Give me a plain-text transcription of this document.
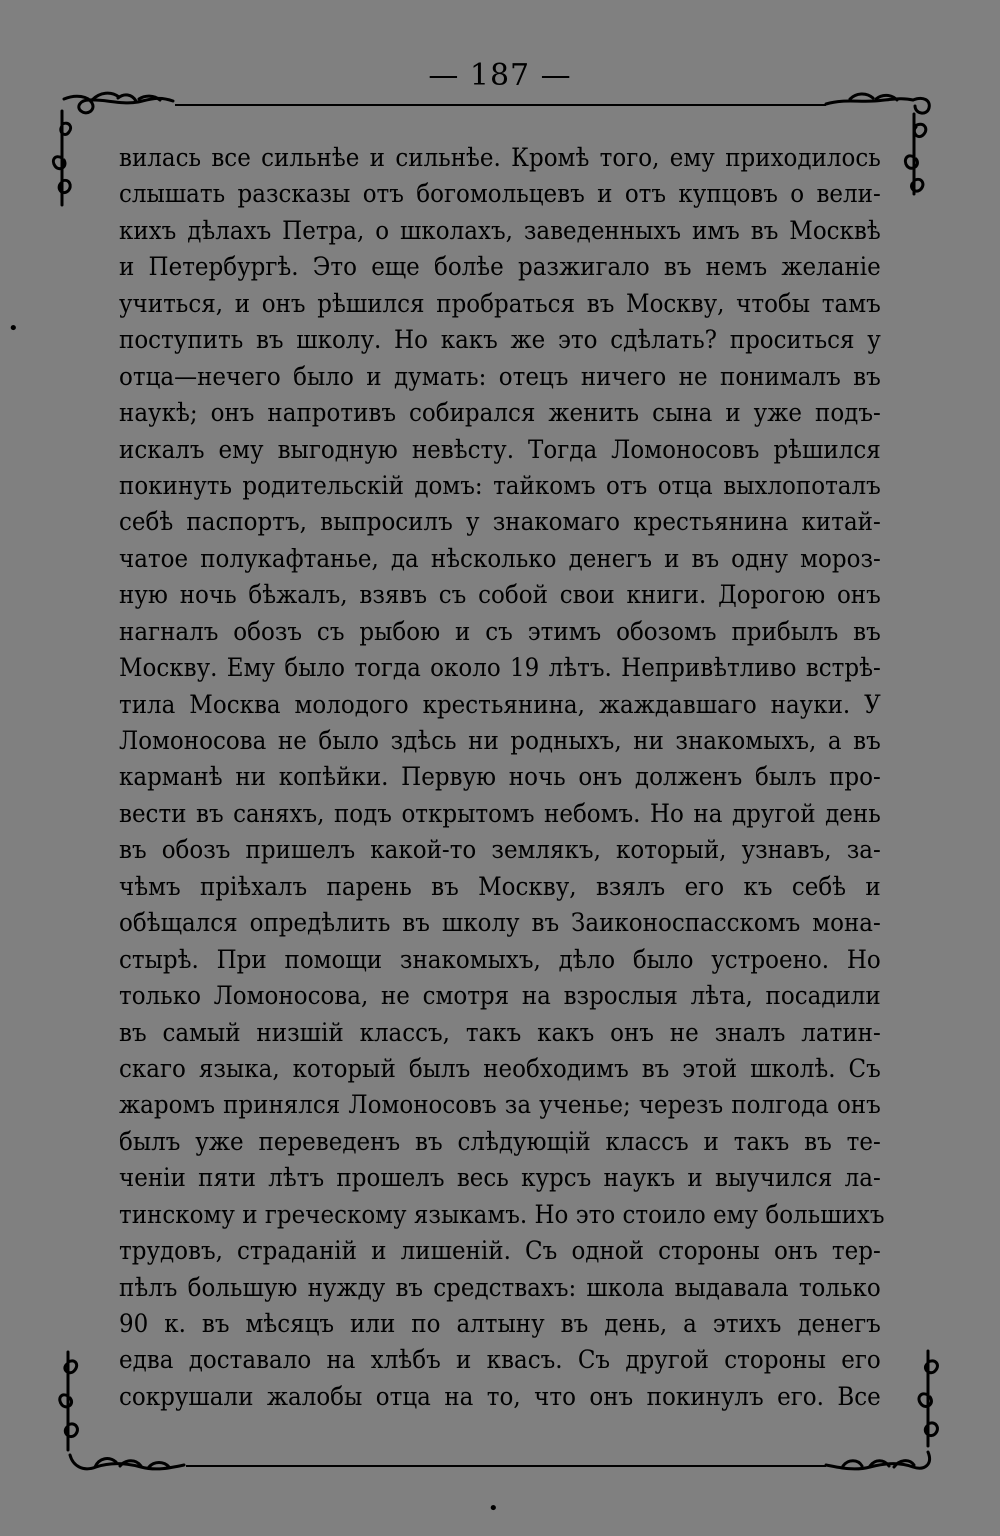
— 187 —
•
•
вилась все сильнѣе и сильнѣе. Кромѣ того, ему приходилось
слышать разсказы отъ богомольцевъ и отъ купцовъ о вели-
кихъ дѣлахъ Петра, о школахъ, заведенныхъ имъ въ Москвѣ
и Петербургѣ. Это еще болѣе разжигало въ немъ желаніе
учиться, и онъ рѣшился пробраться въ Москву, чтобы тамъ
поступить въ школу. Но какъ же это сдѣлать? проситься у
отца—нечего было и думать: отецъ ничего не понималъ въ
наукѣ; онъ напротивъ собирался женить сына и уже подъ-
искалъ ему выгодную невѣсту. Тогда Ломоносовъ рѣшился
покинуть родительскій домъ: тайкомъ отъ отца выхлопоталъ
себѣ паспортъ, выпросилъ у знакомаго крестьянина китай-
чатое полукафтанье, да нѣсколько денегъ и въ одну мороз-
ную ночь бѣжалъ, взявъ съ собой свои книги. Дорогою онъ
нагналъ обозъ съ рыбою и съ этимъ обозомъ прибылъ въ
Москву. Ему было тогда около 19 лѣтъ. Непривѣтливо встрѣ-
тила Москва молодого крестьянина, жаждавшаго науки. У
Ломоносова не было здѣсь ни родныхъ, ни знакомыхъ, а въ
карманѣ ни копѣйки. Первую ночь онъ долженъ былъ про-
вести въ саняхъ, подъ открытомъ небомъ. Но на другой день
въ обозъ пришелъ какой-то землякъ, который, узнавъ, за-
чѣмъ пріѣхалъ парень въ Москву, взялъ его къ себѣ и
обѣщался опредѣлить въ школу въ Заиконоспасскомъ мона-
стырѣ. При помощи знакомыхъ, дѣло было устроено. Но
только Ломоносова, не смотря на взрослыя лѣта, посадили
въ самый низшій классъ, такъ какъ онъ не зналъ латин-
скаго языка, который былъ необходимъ въ этой школѣ. Съ
жаромъ принялся Ломоносовъ за ученье; черезъ полгода онъ
былъ уже переведенъ въ слѣдующій классъ и такъ въ те-
ченіи пяти лѣтъ прошелъ весь курсъ наукъ и выучился ла-
тинскому и греческому языкамъ. Но это стоило ему большихъ
трудовъ, страданій и лишеній. Съ одной стороны онъ тер-
пѣлъ большую нужду въ средствахъ: школа выдавала только
90 к. въ мѣсяцъ или по алтыну въ день, а этихъ денегъ
едва доставало на хлѣбъ и квасъ. Съ другой стороны его
сокрушали жалобы отца на то, что онъ покинулъ его. Все
